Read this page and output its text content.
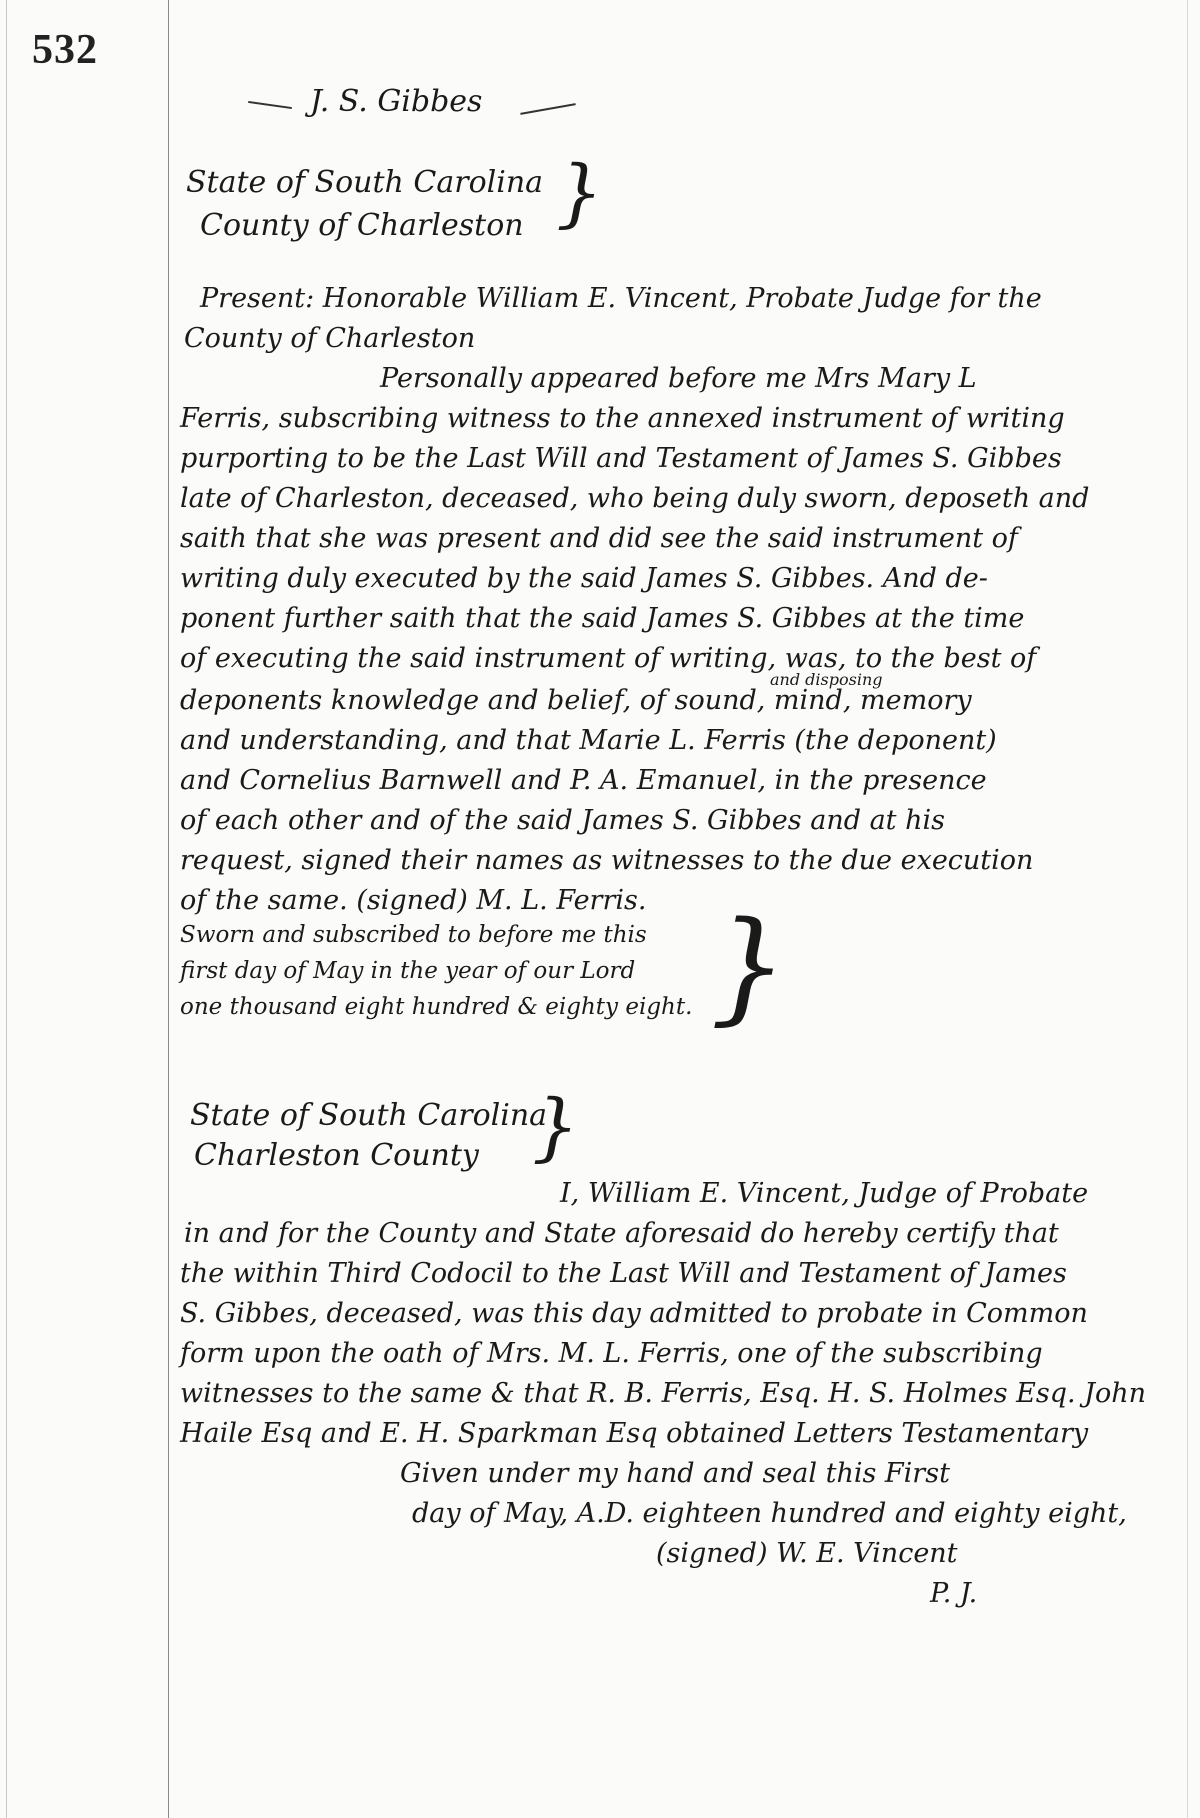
532
J. S. Gibbes
State of South Carolina
County of Charleston }
Present: Honorable William E. Vincent, Probate Judge for the
County of Charleston
Personally appeared before me Mrs Mary L
Ferris, subscribing witness to the annexed instrument of writing
purporting to be the Last Will and Testament of James S. Gibbes
late of Charleston, deceased, who being duly sworn, deposeth and
saith that she was present and did see the said instrument of
writing duly executed by the said James S. Gibbes. And de-
ponent further saith that the said James S. Gibbes at the time
of executing the said instrument of writing, was, to the best of
and disposing
deponents knowledge and belief, of sound, mind, memory
and understanding, and that Marie L. Ferris (the deponent)
and Cornelius Barnwell and P. A. Emanuel, in the presence
of each other and of the said James S. Gibbes and at his
request, signed their names as witnesses to the due execution
of the same. (signed) M. L. Ferris.
Sworn and subscribed to before me this
first day of May in the year of our Lord
one thousand eight hundred & eighty eight. }
State of South Carolina
Charleston County }
I, William E. Vincent, Judge of Probate
in and for the County and State aforesaid do hereby certify that
the within Third Codocil to the Last Will and Testament of James
S. Gibbes, deceased, was this day admitted to probate in Common
form upon the oath of Mrs. M. L. Ferris, one of the subscribing
witnesses to the same & that R. B. Ferris, Esq. H. S. Holmes Esq. John
Haile Esq and E. H. Sparkman Esq obtained Letters Testamentary
Given under my hand and seal this First
day of May, A.D. eighteen hundred and eighty eight,
(signed) W. E. Vincent
P. J.
